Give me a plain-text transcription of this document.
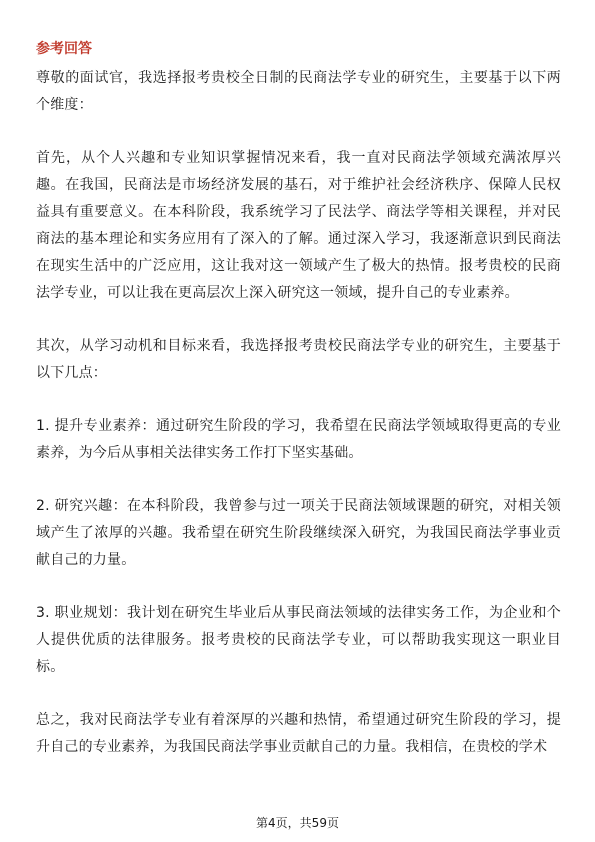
参考回答

尊敬的面试官，我选择报考贵校全日制的民商法学专业的研究生，主要基于以下两个维度：

首先，从个人兴趣和专业知识掌握情况来看，我一直对民商法学领域充满浓厚兴趣。在我国，民商法是市场经济发展的基石，对于维护社会经济秩序、保障人民权益具有重要意义。在本科阶段，我系统学习了民法学、商法学等相关课程，并对民商法的基本理论和实务应用有了深入的了解。通过深入学习，我逐渐意识到民商法在现实生活中的广泛应用，这让我对这一领域产生了极大的热情。报考贵校的民商法学专业，可以让我在更高层次上深入研究这一领域，提升自己的专业素养。

其次，从学习动机和目标来看，我选择报考贵校民商法学专业的研究生，主要基于以下几点：

1. 提升专业素养：通过研究生阶段的学习，我希望在民商法学领域取得更高的专业素养，为今后从事相关法律实务工作打下坚实基础。

2. 研究兴趣：在本科阶段，我曾参与过一项关于民商法领域课题的研究，对相关领域产生了浓厚的兴趣。我希望在研究生阶段继续深入研究，为我国民商法学事业贡献自己的力量。

3. 职业规划：我计划在研究生毕业后从事民商法领域的法律实务工作，为企业和个人提供优质的法律服务。报考贵校的民商法学专业，可以帮助我实现这一职业目标。

总之，我对民商法学专业有着深厚的兴趣和热情，希望通过研究生阶段的学习，提升自己的专业素养，为我国民商法学事业贡献自己的力量。我相信，在贵校的学术

第4页，共59页
